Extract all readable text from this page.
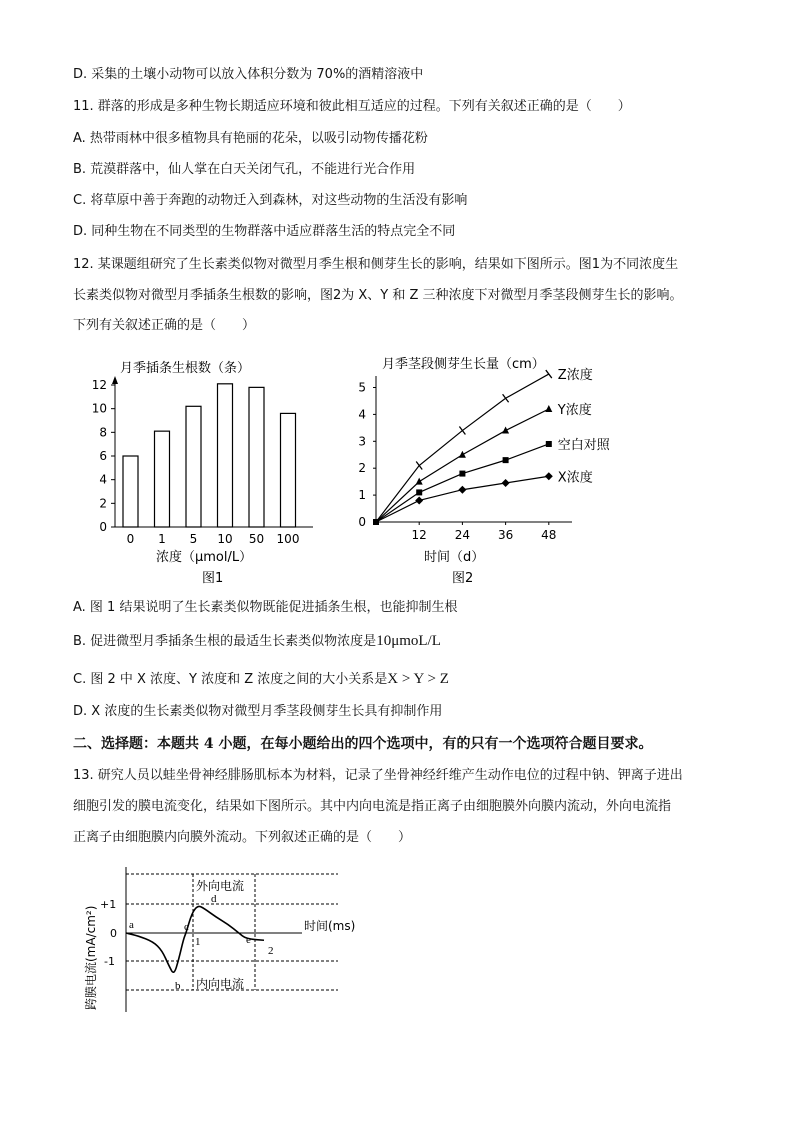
D. 采集的土壤小动物可以放入体积分数为 70%的酒精溶液中
11. 群落的形成是多种生物长期适应环境和彼此相互适应的过程。下列有关叙述正确的是（　　）
A. 热带雨林中很多植物具有艳丽的花朵，以吸引动物传播花粉
B. 荒漠群落中，仙人掌在白天关闭气孔，不能进行光合作用
C. 将草原中善于奔跑的动物迁入到森林，对这些动物的生活没有影响
D. 同种生物在不同类型的生物群落中适应群落生活的特点完全不同
12. 某课题组研究了生长素类似物对微型月季生根和侧芽生长的影响，结果如下图所示。图1为不同浓度生
长素类似物对微型月季插条生根数的影响，图2为 X、Y 和 Z 三种浓度下对微型月季茎段侧芽生长的影响。
下列有关叙述正确的是（　　）
月季插条生根数（条）
0
2
4
6
8
10
12
0 1 5 10 50 100
浓度（μmol/L）
图1
月季茎段侧芽生长量（cm）
0
1
2
3
4
5
12 24 36 48
Z浓度
Y浓度
空白对照
X浓度
时间（d）
图2
A. 图 1 结果说明了生长素类似物既能促进插条生根，也能抑制生根
B. 促进微型月季插条生根的最适生长素类似物浓度是10μmoL/L
C. 图 2 中 X 浓度、Y 浓度和 Z 浓度之间的大小关系是X > Y > Z
D. X 浓度的生长素类似物对微型月季茎段侧芽生长具有抑制作用
二、选择题：本题共 4 小题，在每小题给出的四个选项中，有的只有一个选项符合题目要求。
13. 研究人员以蛙坐骨神经腓肠肌标本为材料，记录了坐骨神经纤维产生动作电位的过程中钠、钾离子进出
细胞引发的膜电流变化，结果如下图所示。其中内向电流是指正离子由细胞膜外向膜内流动，外向电流指
正离子由细胞膜内向膜外流动。下列叙述正确的是（　　）
跨膜电流(mA/cm²)
+1
0
-1
外向电流
内向电流
时间(ms)
a
b
c
d
e
1
2
